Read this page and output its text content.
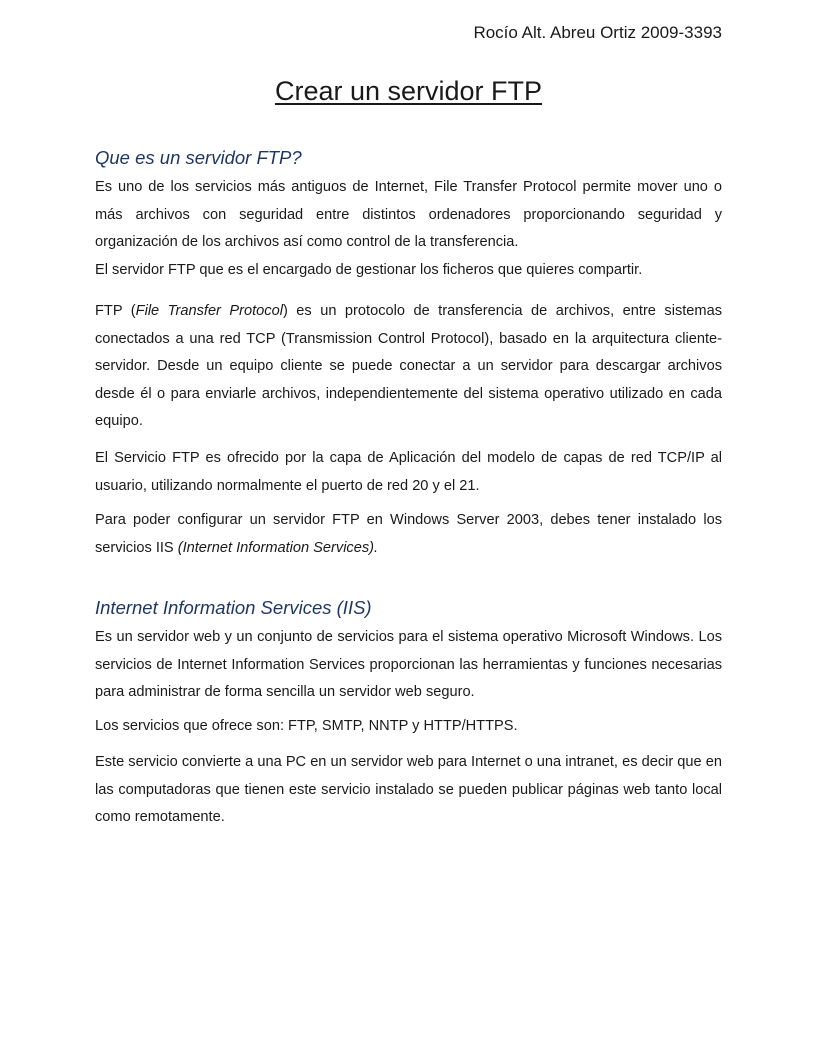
Rocío Alt. Abreu Ortiz 2009-3393
Crear un servidor FTP
Que es un servidor FTP?

Es uno de los servicios más antiguos de Internet, File Transfer Protocol permite mover uno o más archivos con seguridad entre distintos ordenadores proporcionando seguridad y organización de los archivos así como control de la transferencia.

El servidor FTP que es el encargado de gestionar los ficheros que quieres compartir.

FTP (File Transfer Protocol) es un protocolo de transferencia de archivos, entre sistemas conectados a una red TCP (Transmission Control Protocol), basado en la arquitectura cliente-servidor. Desde un equipo cliente se puede conectar a un servidor para descargar archivos desde él o para enviarle archivos, independientemente del sistema operativo utilizado en cada equipo.

El Servicio FTP es ofrecido por la capa de Aplicación del modelo de capas de red TCP/IP al usuario, utilizando normalmente el puerto de red 20 y el 21.

Para poder configurar un servidor FTP en Windows Server 2003, debes tener instalado los servicios IIS (Internet Information Services).

Internet Information Services (IIS)

Es un servidor web y un conjunto de servicios para el sistema operativo Microsoft Windows. Los servicios de Internet Information Services proporcionan las herramientas y funciones necesarias para administrar de forma sencilla un servidor web seguro.

Los servicios que ofrece son: FTP, SMTP, NNTP y HTTP/HTTPS.

Este servicio convierte a una PC en un servidor web para Internet o una intranet, es decir que en las computadoras que tienen este servicio instalado se pueden publicar páginas web tanto local como remotamente.
